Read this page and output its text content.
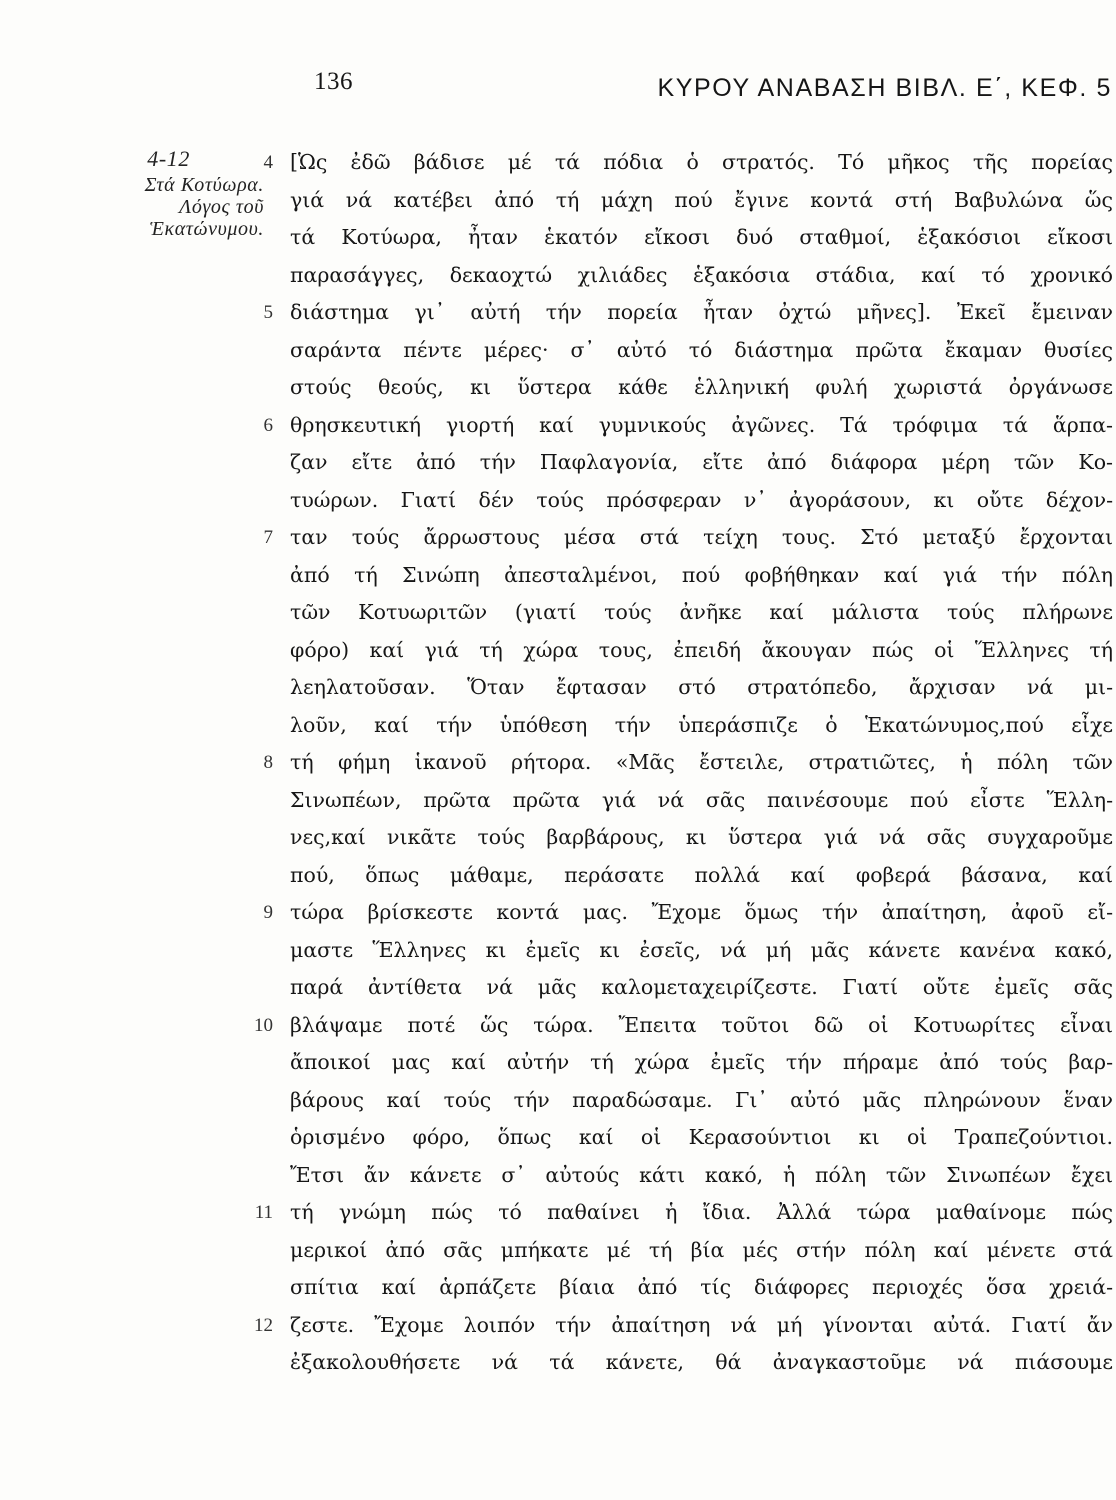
136	ΚΥΡΟΥ ΑΝΑΒΑΣΗ ΒΙΒΛ. Ε΄, ΚΕΦ. 5
4-12
Στά Κοτύωρα.
Λόγος τοῦ
Ἑκατώνυμου.
4 [Ὡς ἐδῶ βάδισε μέ τά πόδια ὁ στρατός. Τό μῆκος τῆς πορείας
γιά νά κατέβει ἀπό τή μάχη πού ἔγινε κοντά στή Βαβυλώνα ὥς
τά Κοτύωρα, ἦταν ἑκατόν εἴκοσι δυό σταθμοί, ἑξακόσιοι εἴκοσι
παρασάγγες, δεκαοχτώ χιλιάδες ἑξακόσια στάδια, καί τό χρονικό
5 διάστημα γι᾽ αὐτή τήν πορεία ἦταν ὀχτώ μῆνες]. Ἐκεῖ ἔμειναν
σαράντα πέντε μέρες· σ᾽ αὐτό τό διάστημα πρῶτα ἔκαμαν θυσίες
στούς θεούς, κι ὕστερα κάθε ἑλληνική φυλή χωριστά ὀργάνωσε
6 θρησκευτική γιορτή καί γυμνικούς ἀγῶνες. Τά τρόφιμα τά ἅρπα-
ζαν εἴτε ἀπό τήν Παφλαγονία, εἴτε ἀπό διάφορα μέρη τῶν Κο-
τυώρων. Γιατί δέν τούς πρόσφεραν ν᾽ ἀγοράσουν, κι οὔτε δέχον-
7 ταν τούς ἄρρωστους μέσα στά τείχη τους. Στό μεταξύ ἔρχονται
ἀπό τή Σινώπη ἀπεσταλμένοι, πού φοβήθηκαν καί γιά τήν πόλη
τῶν Κοτυωριτῶν (γιατί τούς ἀνῆκε καί μάλιστα τούς πλήρωνε
φόρο) καί γιά τή χώρα τους, ἐπειδή ἄκουγαν πώς οἱ Ἕλληνες τή
λεηλατοῦσαν. Ὅταν ἔφτασαν στό στρατόπεδο, ἄρχισαν νά μι-
λοῦν, καί τήν ὑπόθεση τήν ὑπεράσπιζε ὁ Ἑκατώνυμος,πού εἶχε
8 τή φήμη ἱκανοῦ ρήτορα. «Μᾶς ἔστειλε, στρατιῶτες, ἡ πόλη τῶν
Σινωπέων, πρῶτα πρῶτα γιά νά σᾶς παινέσουμε πού εἶστε Ἕλλη-
νες,καί νικᾶτε τούς βαρβάρους, κι ὕστερα γιά νά σᾶς συγχαροῦμε
πού, ὅπως μάθαμε, περάσατε πολλά καί φοβερά βάσανα, καί
9 τώρα βρίσκεστε κοντά μας. Ἔχομε ὅμως τήν ἀπαίτηση, ἀφοῦ εἴ-
μαστε Ἕλληνες κι ἐμεῖς κι ἐσεῖς, νά μή μᾶς κάνετε κανένα κακό,
παρά ἀντίθετα νά μᾶς καλομεταχειρίζεστε. Γιατί οὔτε ἐμεῖς σᾶς
10 βλάψαμε ποτέ ὥς τώρα. Ἔπειτα τοῦτοι δῶ οἱ Κοτυωρίτες εἶναι
ἄποικοί μας καί αὐτήν τή χώρα ἐμεῖς τήν πήραμε ἀπό τούς βαρ-
βάρους καί τούς τήν παραδώσαμε. Γι᾽ αὐτό μᾶς πληρώνουν ἕναν
ὁρισμένο φόρο, ὅπως καί οἱ Κερασούντιοι κι οἱ Τραπεζούντιοι.
Ἔτσι ἄν κάνετε σ᾽ αὐτούς κάτι κακό, ἡ πόλη τῶν Σινωπέων ἔχει
11 τή γνώμη πώς τό παθαίνει ἡ ἴδια. Ἀλλά τώρα μαθαίνομε πώς
μερικοί ἀπό σᾶς μπήκατε μέ τή βία μές στήν πόλη καί μένετε στά
σπίτια καί ἁρπάζετε βίαια ἀπό τίς διάφορες περιοχές ὅσα χρειά-
12 ζεστε. Ἔχομε λοιπόν τήν ἀπαίτηση νά μή γίνονται αὐτά. Γιατί ἄν
ἐξακολουθήσετε νά τά κάνετε, θά ἀναγκαστοῦμε νά πιάσουμε
